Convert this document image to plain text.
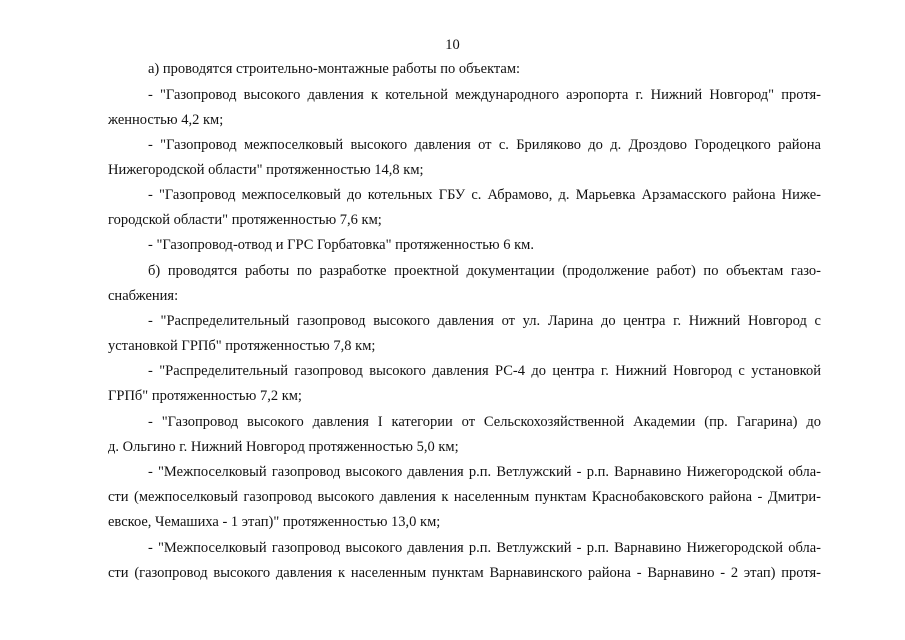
10
а) проводятся строительно-монтажные работы по объектам:
- "Газопровод высокого давления к котельной международного аэропорта г. Нижний Новгород" протя-
женностью 4,2 км;
- "Газопровод межпоселковый высокого давления от с. Бриляково до д. Дроздово Городецкого района
Нижегородской области" протяженностью 14,8 км;
- "Газопровод межпоселковый до котельных ГБУ с. Абрамово, д. Марьевка Арзамасского района Ниже-
городской области" протяженностью 7,6 км;
- "Газопровод-отвод и ГРС Горбатовка" протяженностью 6 км.
б) проводятся работы по разработке проектной документации (продолжение работ) по объектам газо-
снабжения:
- "Распределительный газопровод высокого давления от ул. Ларина до центра г. Нижний Новгород с
установкой ГРПб" протяженностью 7,8 км;
- "Распределительный газопровод высокого давления РС-4 до центра г. Нижний Новгород с установкой
ГРПб" протяженностью 7,2 км;
- "Газопровод высокого давления I категории от Сельскохозяйственной Академии (пр. Гагарина) до
д. Ольгино г. Нижний Новгород протяженностью 5,0 км;
- "Межпоселковый газопровод высокого давления р.п. Ветлужский - р.п. Варнавино Нижегородской обла-
сти (межпоселковый газопровод высокого давления к населенным пунктам Краснобаковского района - Дмитри-
евское, Чемашиха - 1 этап)" протяженностью 13,0 км;
- "Межпоселковый газопровод высокого давления р.п. Ветлужский - р.п. Варнавино Нижегородской обла-
сти (газопровод высокого давления к населенным пунктам Варнавинского района - Варнавино - 2 этап) протя-
